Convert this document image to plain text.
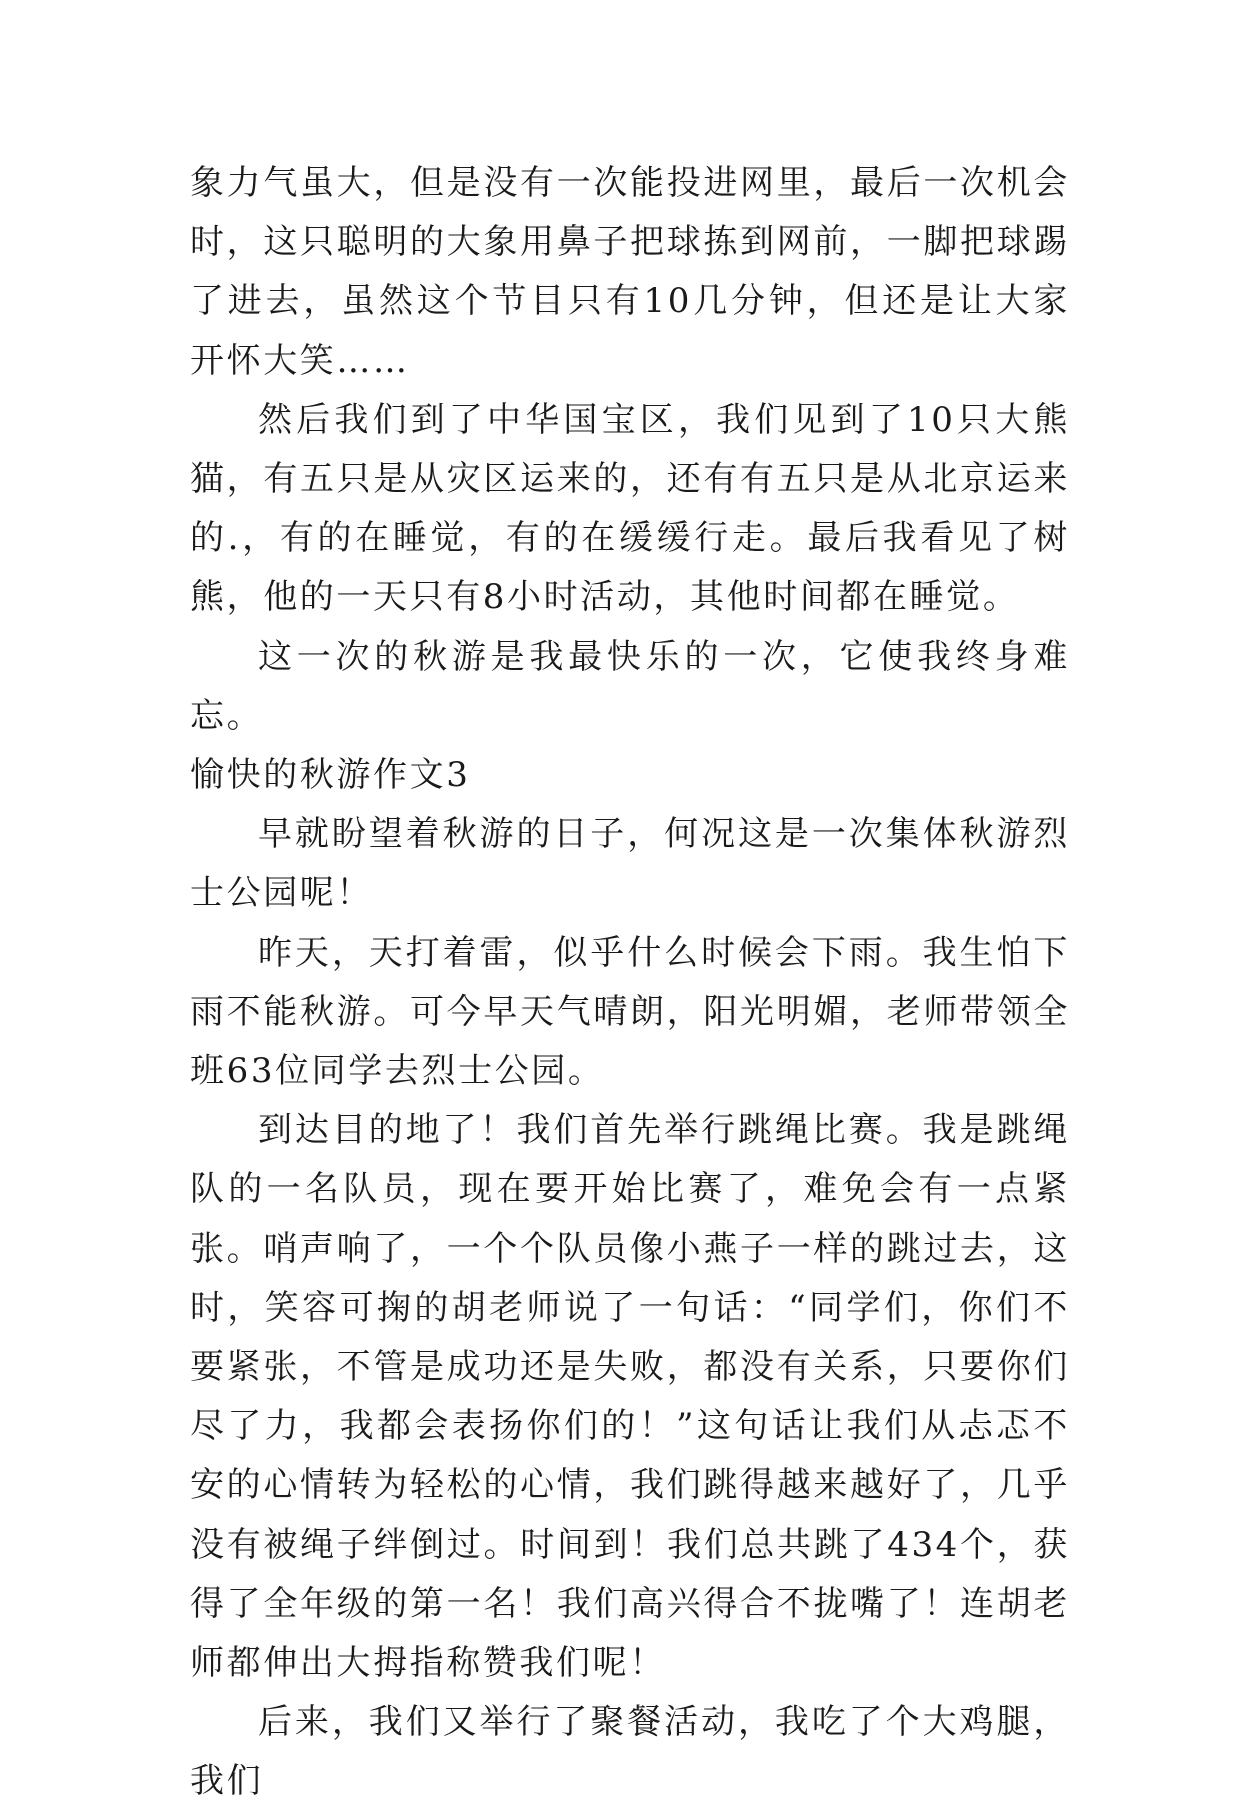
象力气虽大，但是没有一次能投进网里，最后一次机会时，这只聪明的大象用鼻子把球拣到网前，一脚把球踢了进去，虽然这个节目只有10几分钟，但还是让大家开怀大笑……

然后我们到了中华国宝区，我们见到了10只大熊猫，有五只是从灾区运来的，还有有五只是从北京运来的.，有的在睡觉，有的在缓缓行走。最后我看见了树熊，他的一天只有8小时活动，其他时间都在睡觉。

这一次的秋游是我最快乐的一次，它使我终身难忘。

愉快的秋游作文3

早就盼望着秋游的日子，何况这是一次集体秋游烈士公园呢！

昨天，天打着雷，似乎什么时候会下雨。我生怕下雨不能秋游。可今早天气晴朗，阳光明媚，老师带领全班63位同学去烈士公园。

到达目的地了！我们首先举行跳绳比赛。我是跳绳队的一名队员，现在要开始比赛了，难免会有一点紧张。哨声响了，一个个队员像小燕子一样的跳过去，这时，笑容可掬的胡老师说了一句话：“同学们，你们不要紧张，不管是成功还是失败，都没有关系，只要你们尽了力，我都会表扬你们的！”这句话让我们从忐忑不安的心情转为轻松的心情，我们跳得越来越好了，几乎没有被绳子绊倒过。时间到！我们总共跳了434个，获得了全年级的第一名！我们高兴得合不拢嘴了！连胡老师都伸出大拇指称赞我们呢！

后来，我们又举行了聚餐活动，我吃了个大鸡腿，我们
